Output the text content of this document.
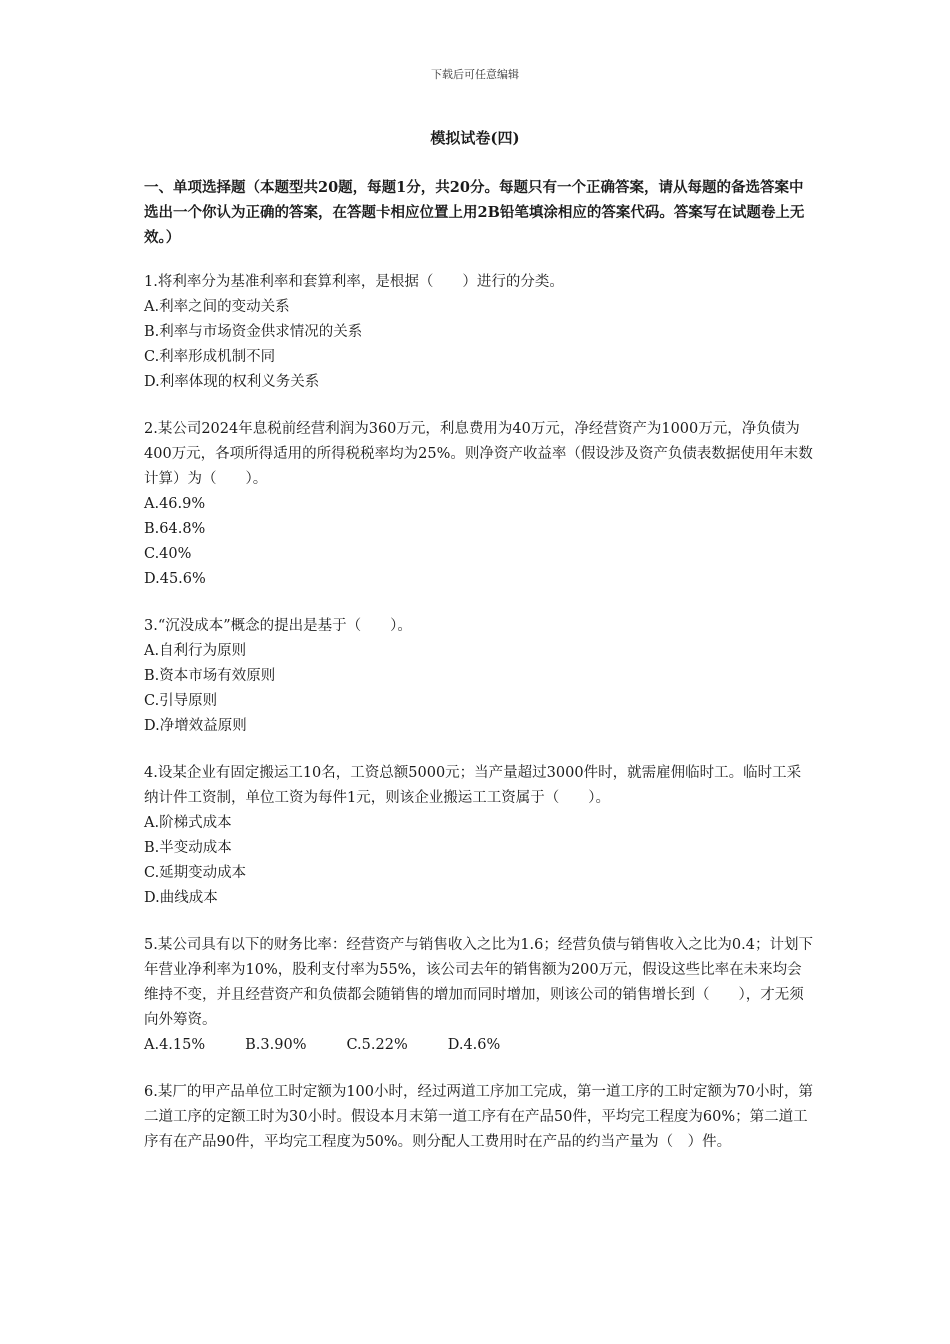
下载后可任意编辑
模拟试卷(四)

一、单项选择题（本题型共20题，每题1分，共20分。每题只有一个正确答案，请从每题的备选答案中选出一个你认为正确的答案，在答题卡相应位置上用2B铅笔填涂相应的答案代码。答案写在试题卷上无效。）

1.将利率分为基准利率和套算利率，是根据（　　）进行的分类。

A.利率之间的变动关系

B.利率与市场资金供求情况的关系

C.利率形成机制不同

D.利率体现的权利义务关系

2.某公司2024年息税前经营利润为360万元，利息费用为40万元，净经营资产为1000万元，净负债为400万元，各项所得适用的所得税税率均为25%。则净资产收益率（假设涉及资产负债表数据使用年末数计算）为（　　）。

A.46.9%

B.64.8%

C.40%

D.45.6%

3.“沉没成本”概念的提出是基于（　　）。

A.自利行为原则

B.资本市场有效原则

C.引导原则

D.净增效益原则

4.设某企业有固定搬运工10名，工资总额5000元；当产量超过3000件时，就需雇佣临时工。临时工采纳计件工资制，单位工资为每件1元，则该企业搬运工工资属于（　　）。

A.阶梯式成本

B.半变动成本

C.延期变动成本

D.曲线成本

5.某公司具有以下的财务比率：经营资产与销售收入之比为1.6；经营负债与销售收入之比为0.4；计划下年营业净利率为10%，股利支付率为55%，该公司去年的销售额为200万元，假设这些比率在未来均会维持不变，并且经营资产和负债都会随销售的增加而同时增加，则该公司的销售增长到（　　），才无须向外筹资。

A.4.15%	B.3.90%	C.5.22%	D.4.6%

6.某厂的甲产品单位工时定额为100小时，经过两道工序加工完成，第一道工序的工时定额为70小时，第二道工序的定额工时为30小时。假设本月末第一道工序有在产品50件，平均完工程度为60%；第二道工序有在产品90件，平均完工程度为50%。则分配人工费用时在产品的约当产量为（　）件。
